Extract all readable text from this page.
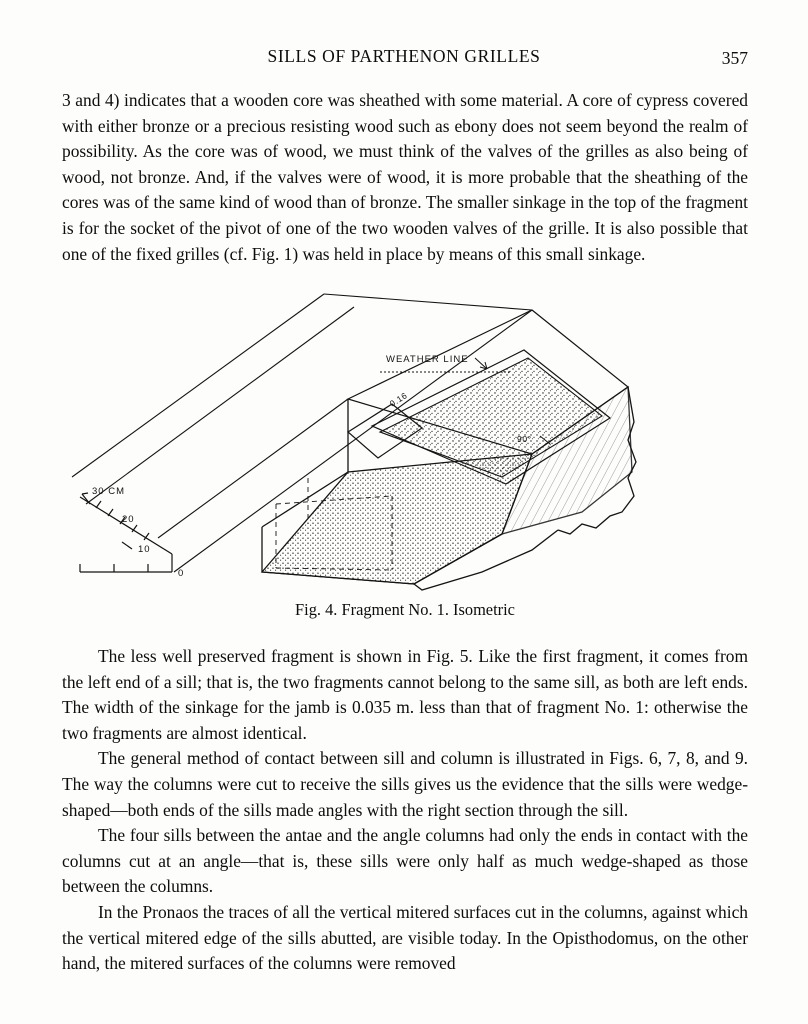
SILLS OF PARTHENON GRILLES	357

3 and 4) indicates that a wooden core was sheathed with some material. A core of cypress covered with either bronze or a precious resisting wood such as ebony does not seem beyond the realm of possibility. As the core was of wood, we must think of the valves of the grilles as also being of wood, not bronze. And, if the valves were of wood, it is more probable that the sheathing of the cores was of the same kind of wood than of bronze. The smaller sinkage in the top of the fragment is for the socket of the pivot of one of the two wooden valves of the grille. It is also possible that one of the fixed grilles (cf. Fig. 1) was held in place by means of this small sinkage.

WEATHER LINE
0.16
90°
30 CM
20
10
0
Fig. 4. Fragment No. 1. Isometric

The less well preserved fragment is shown in Fig. 5. Like the first fragment, it comes from the left end of a sill; that is, the two fragments cannot belong to the same sill, as both are left ends. The width of the sinkage for the jamb is 0.035 m. less than that of fragment No. 1: otherwise the two fragments are almost identical.

The general method of contact between sill and column is illustrated in Figs. 6, 7, 8, and 9. The way the columns were cut to receive the sills gives us the evidence that the sills were wedge-shaped—both ends of the sills made angles with the right section through the sill.

The four sills between the antae and the angle columns had only the ends in contact with the columns cut at an angle—that is, these sills were only half as much wedge-shaped as those between the columns.

In the Pronaos the traces of all the vertical mitered surfaces cut in the columns, against which the vertical mitered edge of the sills abutted, are visible today. In the Opisthodomus, on the other hand, the mitered surfaces of the columns were removed
